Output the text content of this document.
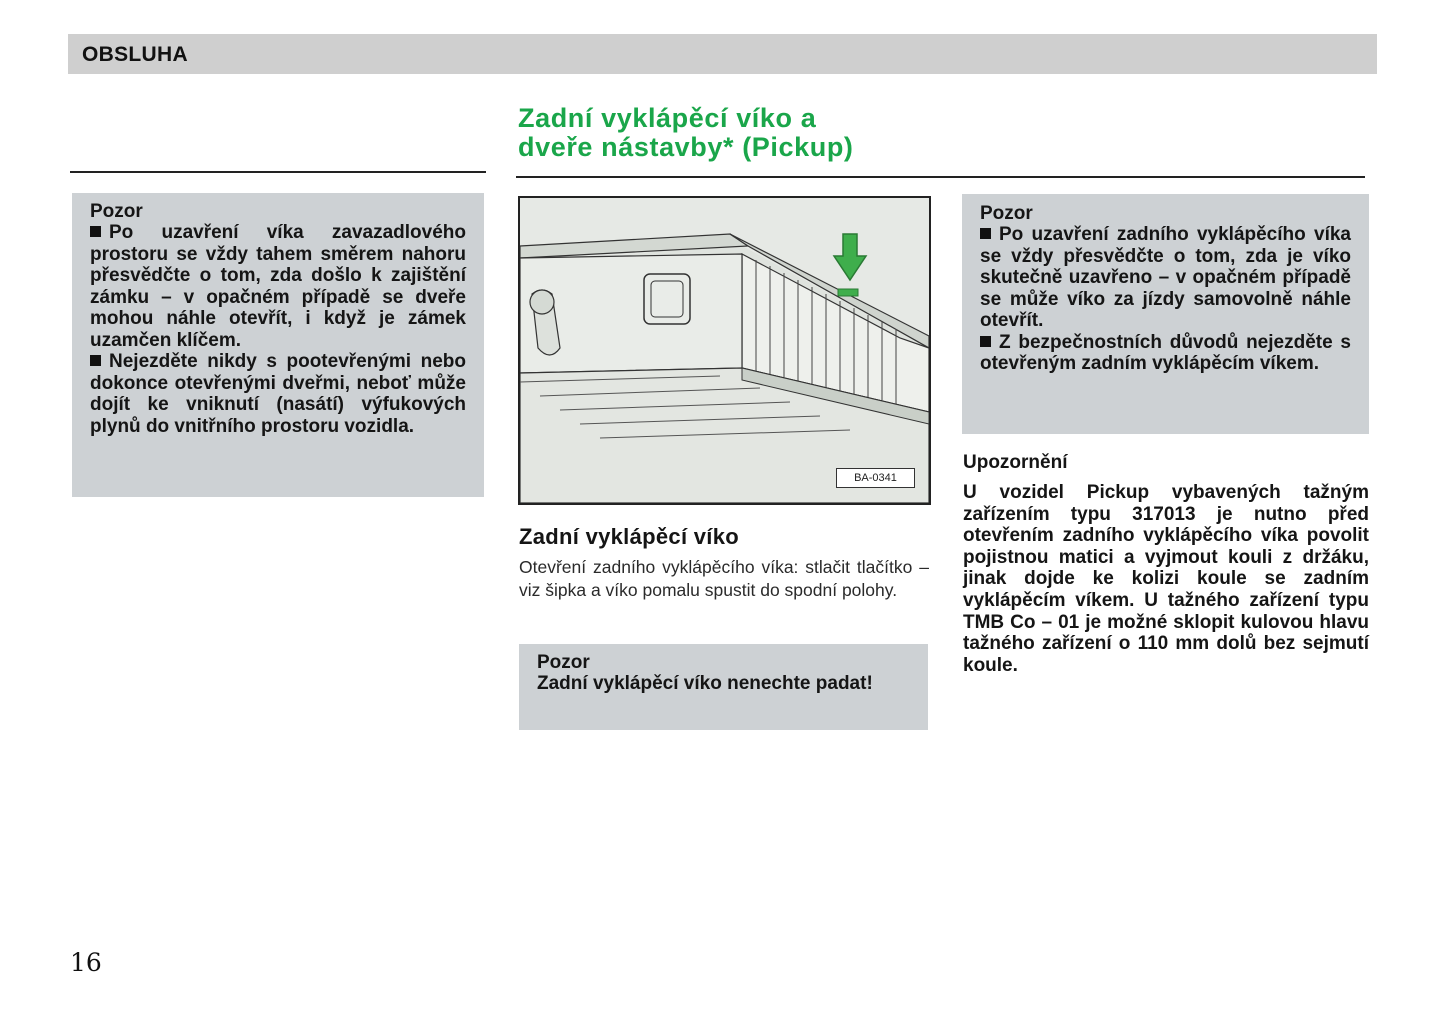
OBSLUHA
Zadní vyklápěcí víko a
dveře nástavby* (Pickup)
Pozor

Po uzavření víka zavazadlového prostoru se vždy tahem směrem nahoru přesvědčte o tom, zda došlo k zajištění zámku – v opačném případě se dveře mohou náhle otevřít, i když je zámek uzamčen klíčem.

Nejezděte nikdy s pootevřenými nebo dokonce otevřenými dveřmi, neboť může dojít ke vniknutí (nasátí) výfukových plynů do vnitřního prostoru vozidla.

BA-0341
Zadní vyklápěcí víko
Otevření zadního vyklápěcího víka: stlačit tlačítko – viz šipka a víko pomalu spustit do spodní polohy.
Pozor

Zadní vyklápěcí víko nenechte padat!

Pozor

Po uzavření zadního vyklápěcího víka se vždy přesvědčte o tom, zda je víko skutečně uzavřeno – v opačném případě se může víko za jízdy samovolně náhle otevřít.

Z bezpečnostních důvodů nejezděte s otevřeným zadním vyklápěcím víkem.

Upozornění
U vozidel Pickup vybavených tažným zařízením typu 317013 je nutno před otevřením zadního vyklápěcího víka povolit pojistnou matici a vyjmout kouli z držáku, jinak dojde ke kolizi koule se zadním vyklápěcím víkem. U tažného zařízení typu TMB Co – 01 je možné sklopit kulovou hlavu tažného zařízení o 110 mm dolů bez sejmutí koule.
16
